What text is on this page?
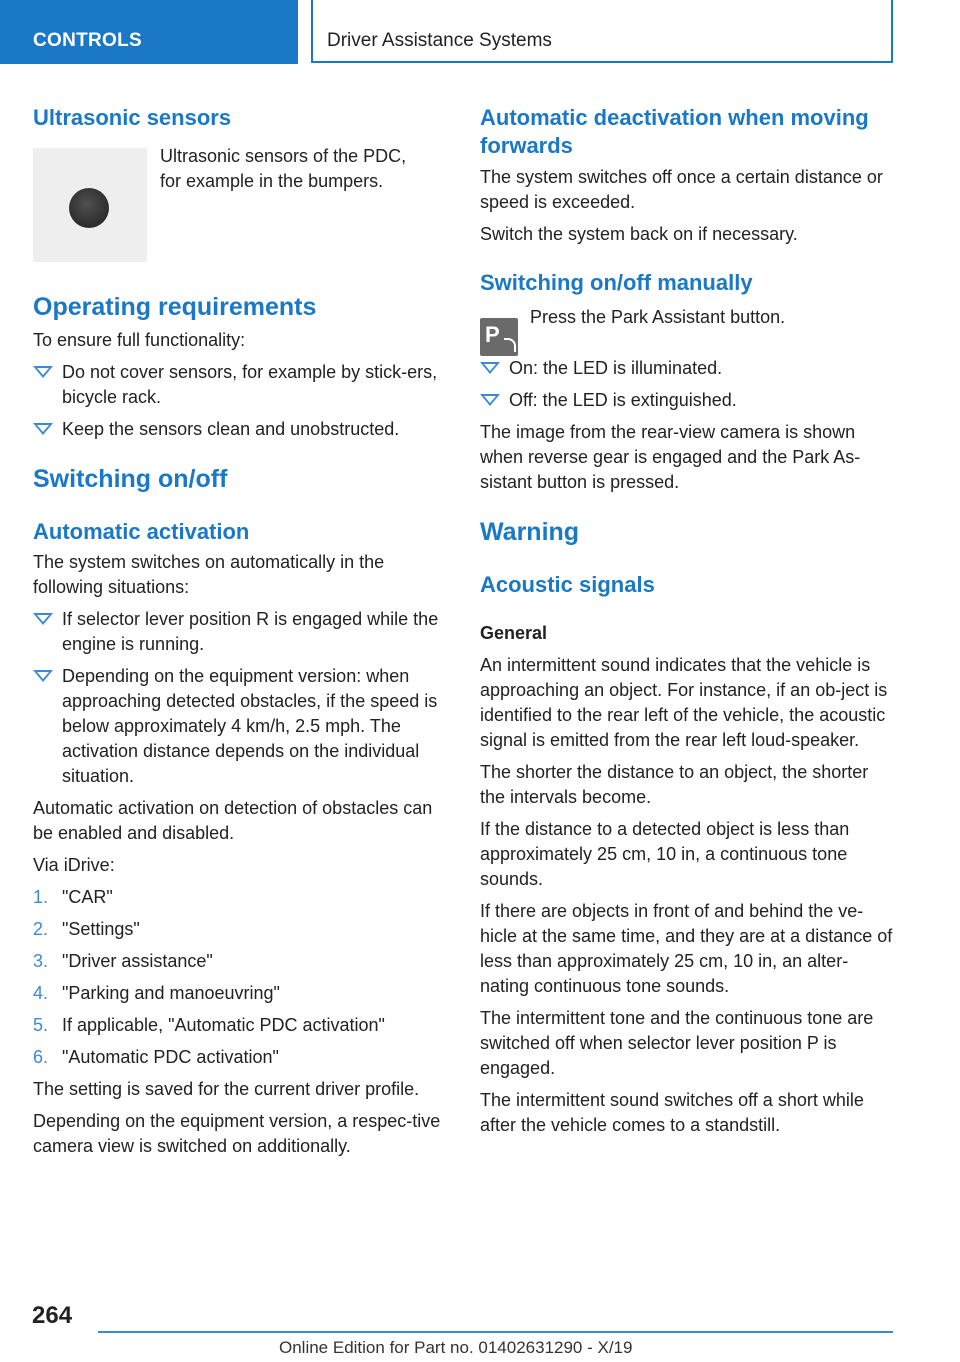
CONTROLS	Driver Assistance Systems
Ultrasonic sensors

Ultrasonic sensors of the PDC,

for example in the bumpers.

Operating requirements

To ensure full functionality:

Do not cover sensors, for example by stick-ers, bicycle rack.
Keep the sensors clean and unobstructed.
Switching on/off
Automatic activation

The system switches on automatically in the following situations:

If selector lever position R is engaged while the engine is running.
Depending on the equipment version: when approaching detected obstacles, if the speed is below approximately 4 km/h, 2.5 mph. The activation distance depends on the individual situation.

Automatic activation on detection of obstacles can be enabled and disabled.

Via iDrive:

1. "CAR"
2. "Settings"
3. "Driver assistance"
4. "Parking and manoeuvring"
5. If applicable, "Automatic PDC activation"
6. "Automatic PDC activation"

The setting is saved for the current driver profile.

Depending on the equipment version, a respec-tive camera view is switched on additionally.

Automatic deactivation when moving forwards

The system switches off once a certain distance or speed is exceeded.

Switch the system back on if necessary.

Switching on/off manually
P

Press the Park Assistant button.

On: the LED is illuminated.
Off: the LED is extinguished.

The image from the rear-view camera is shown when reverse gear is engaged and the Park As-sistant button is pressed.

Warning
Acoustic signals
General

An intermittent sound indicates that the vehicle is approaching an object. For instance, if an ob-ject is identified to the rear left of the vehicle, the acoustic signal is emitted from the rear left loud-speaker.

The shorter the distance to an object, the shorter the intervals become.

If the distance to a detected object is less than approximately 25 cm, 10 in, a continuous tone sounds.

If there are objects in front of and behind the ve-hicle at the same time, and they are at a distance of less than approximately 25 cm, 10 in, an alter-nating continuous tone sounds.

The intermittent tone and the continuous tone are switched off when selector lever position P is engaged.

The intermittent sound switches off a short while after the vehicle comes to a standstill.

264
Online Edition for Part no. 01402631290 - X/19
